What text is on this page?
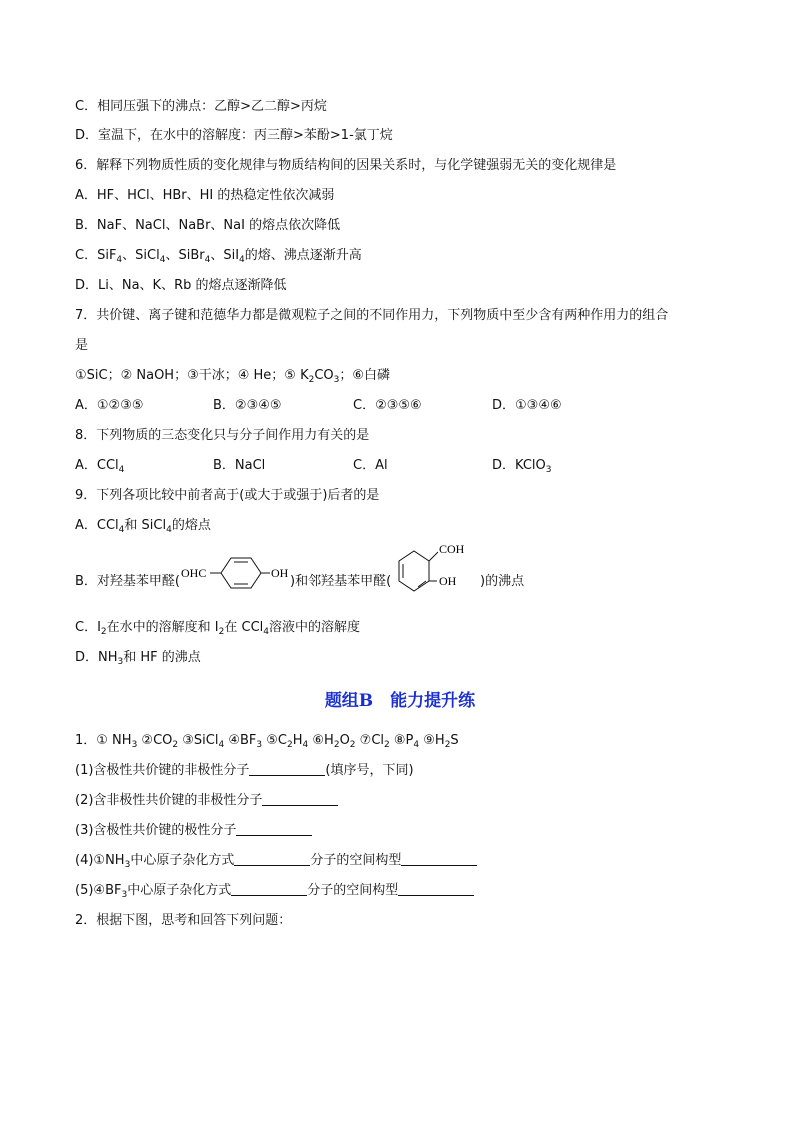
C．相同压强下的沸点：乙醇>乙二醇>丙烷
D．室温下，在水中的溶解度：丙三醇>苯酚>1-氯丁烷
6．解释下列物质性质的变化规律与物质结构间的因果关系时，与化学键强弱无关的变化规律是
A．HF、HCl、HBr、HI 的热稳定性依次减弱
B．NaF、NaCl、NaBr、NaI 的熔点依次降低
C．SiF$_4$、SiCl$_4$、SiBr$_4$、SiI$_4$的熔、沸点逐渐升高
D．Li、Na、K、Rb 的熔点逐渐降低
7．共价键、离子键和范德华力都是微观粒子之间的不同作用力，下列物质中至少含有两种作用力的组合
是
①SiC；② NaOH；③干冰；④ He；⑤ $K_2CO_3$；⑥白磷
A．①②③⑤	B．②③④⑤	C．②③⑤⑥	D．①③④⑥
8．下列物质的三态变化只与分子间作用力有关的是
A．CCl$_4$	B．NaCl	C．Al	D．KClO$_3$
9．下列各项比较中前者高于(或大于或强于)后者的是
A．CCl$_4$和 SiCl$_4$的熔点
B．对羟基苯甲醛(
OHC	OH
)和邻羟基苯甲醛(
COH
OH )的沸点
C．$I_2$在水中的溶解度和 $I_2$在 CCl$_4$溶液中的溶解度
D．$NH_3$和 HF 的沸点
题组B　能力提升练
1．① $NH_3$ $②CO_2$ ③SiCl$_4$ $④BF_3$ $⑤C_2H_4$ $⑥H_2O_2$ $⑦Cl_2$ $⑧P_4$ $⑨H_2S$
(1)含极性共价键的非极性分子	(填序号，下同)
(2)含非极性共价键的非极性分子
(3)含极性共价键的极性分子
$(4)①NH_3$中心原子杂化方式	分子的空间构型
$(5)④BF_3$中心原子杂化方式	分子的空间构型
2．根据下图，思考和回答下列问题：
